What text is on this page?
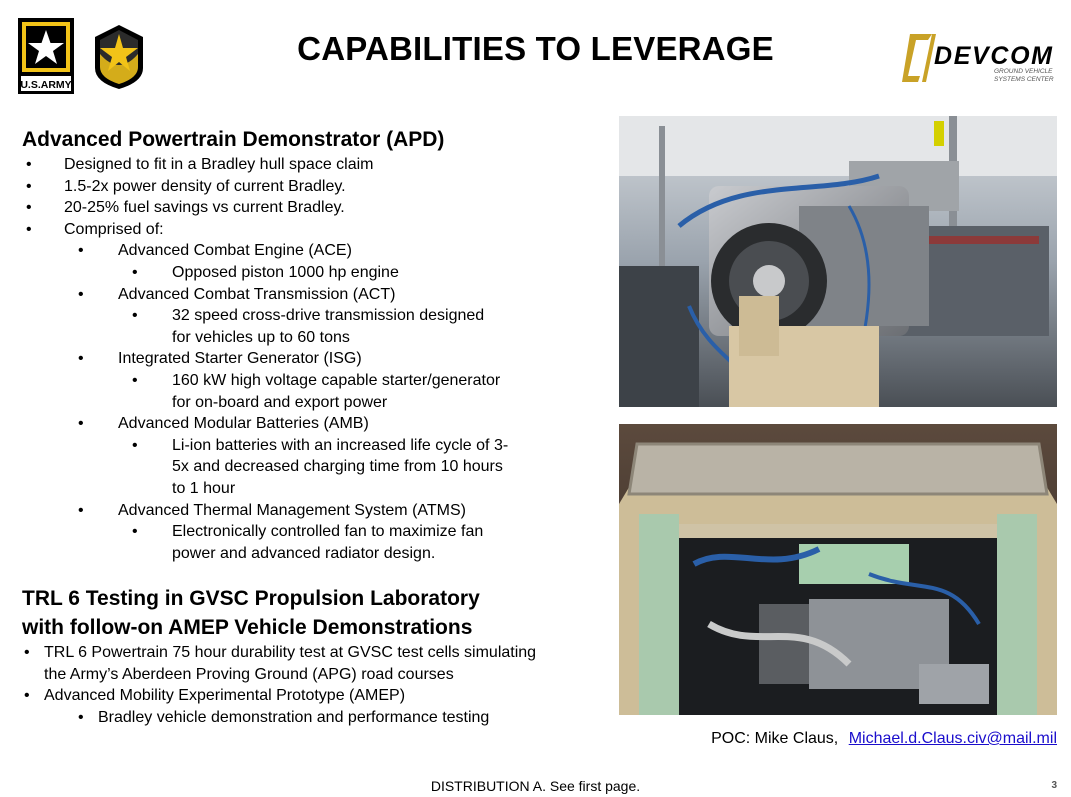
U.S.ARMY
CAPABILITIES TO LEVERAGE	DEVCOM
GROUND VEHICLE
SYSTEMS CENTER
Advanced Powertrain Demonstrator (APD)
• Designed to fit in a Bradley hull space claim
• 1.5-2x power density of current Bradley.
• 20-25% fuel savings vs current Bradley.
• Comprised of:
• Advanced Combat Engine (ACE)
• Opposed piston 1000 hp engine
• Advanced Combat Transmission (ACT)
• 32 speed cross-drive transmission designed
for vehicles up to 60 tons
• Integrated Starter Generator (ISG)
• 160 kW high voltage capable starter/generator
for on-board and export power
• Advanced Modular Batteries (AMB)
• Li-ion batteries with an increased life cycle of 3-
5x and decreased charging time from 10 hours
to 1 hour
• Advanced Thermal Management System (ATMS)
• Electronically controlled fan to maximize fan
power and advanced radiator design.
TRL 6 Testing in GVSC Propulsion Laboratory
with follow-on AMEP Vehicle Demonstrations
• TRL 6 Powertrain 75 hour durability test at GVSC test cells simulating
the Army’s Aberdeen Proving Ground (APG) road courses
• Advanced Mobility Experimental Prototype (AMEP)
• Bradley vehicle demonstration and performance testing
POC: Mike Claus, Michael.d.Claus.civ@mail.mil
DISTRIBUTION A. See first page.	3
